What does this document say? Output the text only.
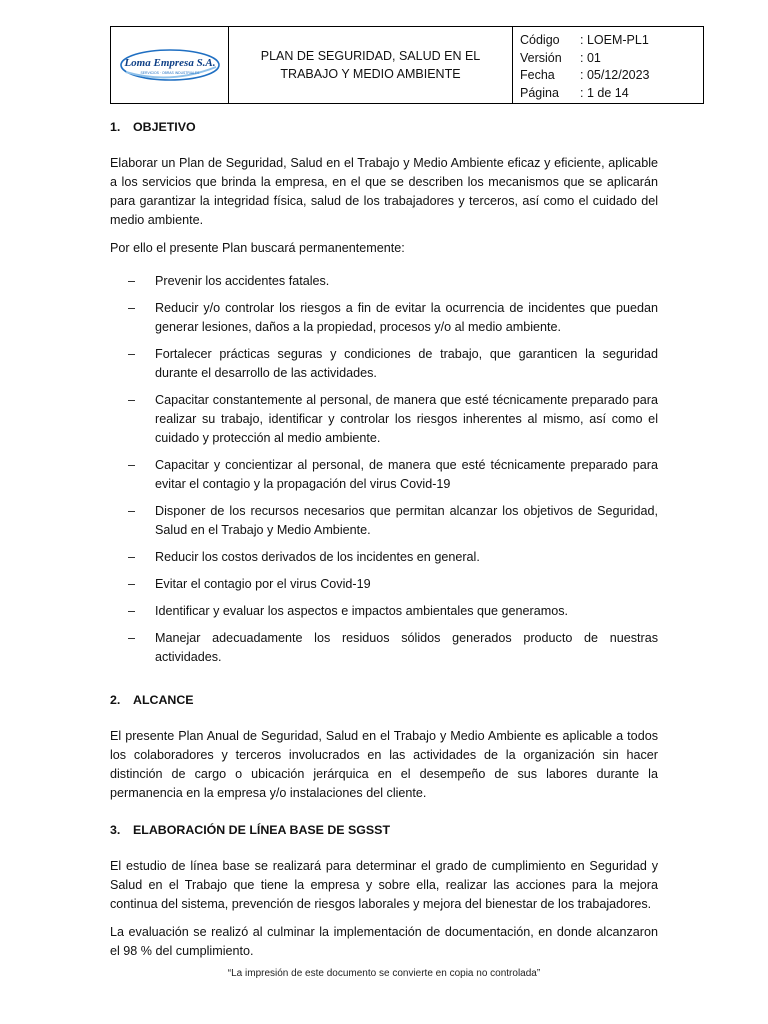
Loma Empresa S.A.
SERVICIOS · OBRAS INDUSTRIALES
PLAN DE SEGURIDAD, SALUD EN EL TRABAJO Y MEDIO AMBIENTE
Código	: LOEM-PL1
Versión	: 01
Fecha	: 05/12/2023
Página	: 1 de 14
1.	OBJETIVO

Elaborar un Plan de Seguridad, Salud en el Trabajo y Medio Ambiente eficaz y eficiente, aplicable a los servicios que brinda la empresa, en el que se describen los mecanismos que se aplicarán para garantizar la integridad física, salud de los trabajadores y terceros, así como el cuidado del medio ambiente.

Por ello el presente Plan buscará permanentemente:

–	Prevenir los accidentes fatales.
–	Reducir y/o controlar los riesgos a fin de evitar la ocurrencia de incidentes que puedan generar lesiones, daños a la propiedad, procesos y/o al medio ambiente.
–	Fortalecer prácticas seguras y condiciones de trabajo, que garanticen la seguridad durante el desarrollo de las actividades.
–	Capacitar constantemente al personal, de manera que esté técnicamente preparado para realizar su trabajo, identificar y controlar los riesgos inherentes al mismo, así como el cuidado y protección al medio ambiente.
–	Capacitar y concientizar al personal, de manera que esté técnicamente preparado para evitar el contagio y la propagación del virus Covid-19
–	Disponer de los recursos necesarios que permitan alcanzar los objetivos de Seguridad, Salud en el Trabajo y Medio Ambiente.
–	Reducir los costos derivados de los incidentes en general.
–	Evitar el contagio por el virus Covid-19
–	Identificar y evaluar los aspectos e impactos ambientales que generamos.
–	Manejar adecuadamente los residuos sólidos generados producto de nuestras actividades.
2.	ALCANCE

El presente Plan Anual de Seguridad, Salud en el Trabajo y Medio Ambiente es aplicable a todos los colaboradores y terceros involucrados en las actividades de la organización sin hacer distinción de cargo o ubicación jerárquica en el desempeño de sus labores durante la permanencia en la empresa y/o instalaciones del cliente.

3.	ELABORACIÓN DE LÍNEA BASE DE SGSST

El estudio de línea base se realizará para determinar el grado de cumplimiento en Seguridad y Salud en el Trabajo que tiene la empresa y sobre ella, realizar las acciones para la mejora continua del sistema, prevención de riesgos laborales y mejora del bienestar de los trabajadores.

La evaluación se realizó al culminar la implementación de documentación, en donde alcanzaron el 98 % del cumplimiento.

“La impresión de este documento se convierte en copia no controlada”
